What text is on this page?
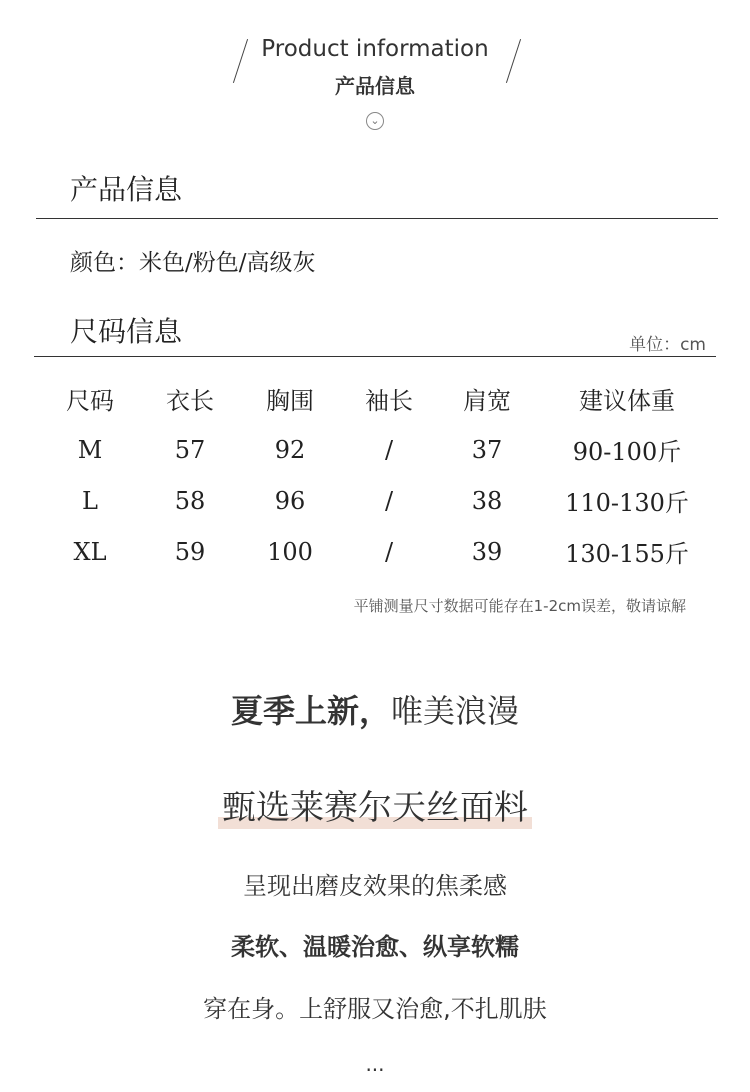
Product information
产品信息
⌄
产品信息
颜色：米色/粉色/高级灰
尺码信息	单位：cm
尺码	衣长	胸围	袖长	肩宽	建议体重
M	57	92	/	37	90-100斤
L	58	96	/	38	110-130斤
XL	59	100	/	39	130-155斤
平铺测量尺寸数据可能存在1-2cm误差，敬请谅解
夏季上新，唯美浪漫
甄选莱赛尔天丝面料
呈现出磨皮效果的焦柔感
柔软、温暖治愈、纵享软糯
穿在身。上舒服又治愈,不扎肌肤
...
